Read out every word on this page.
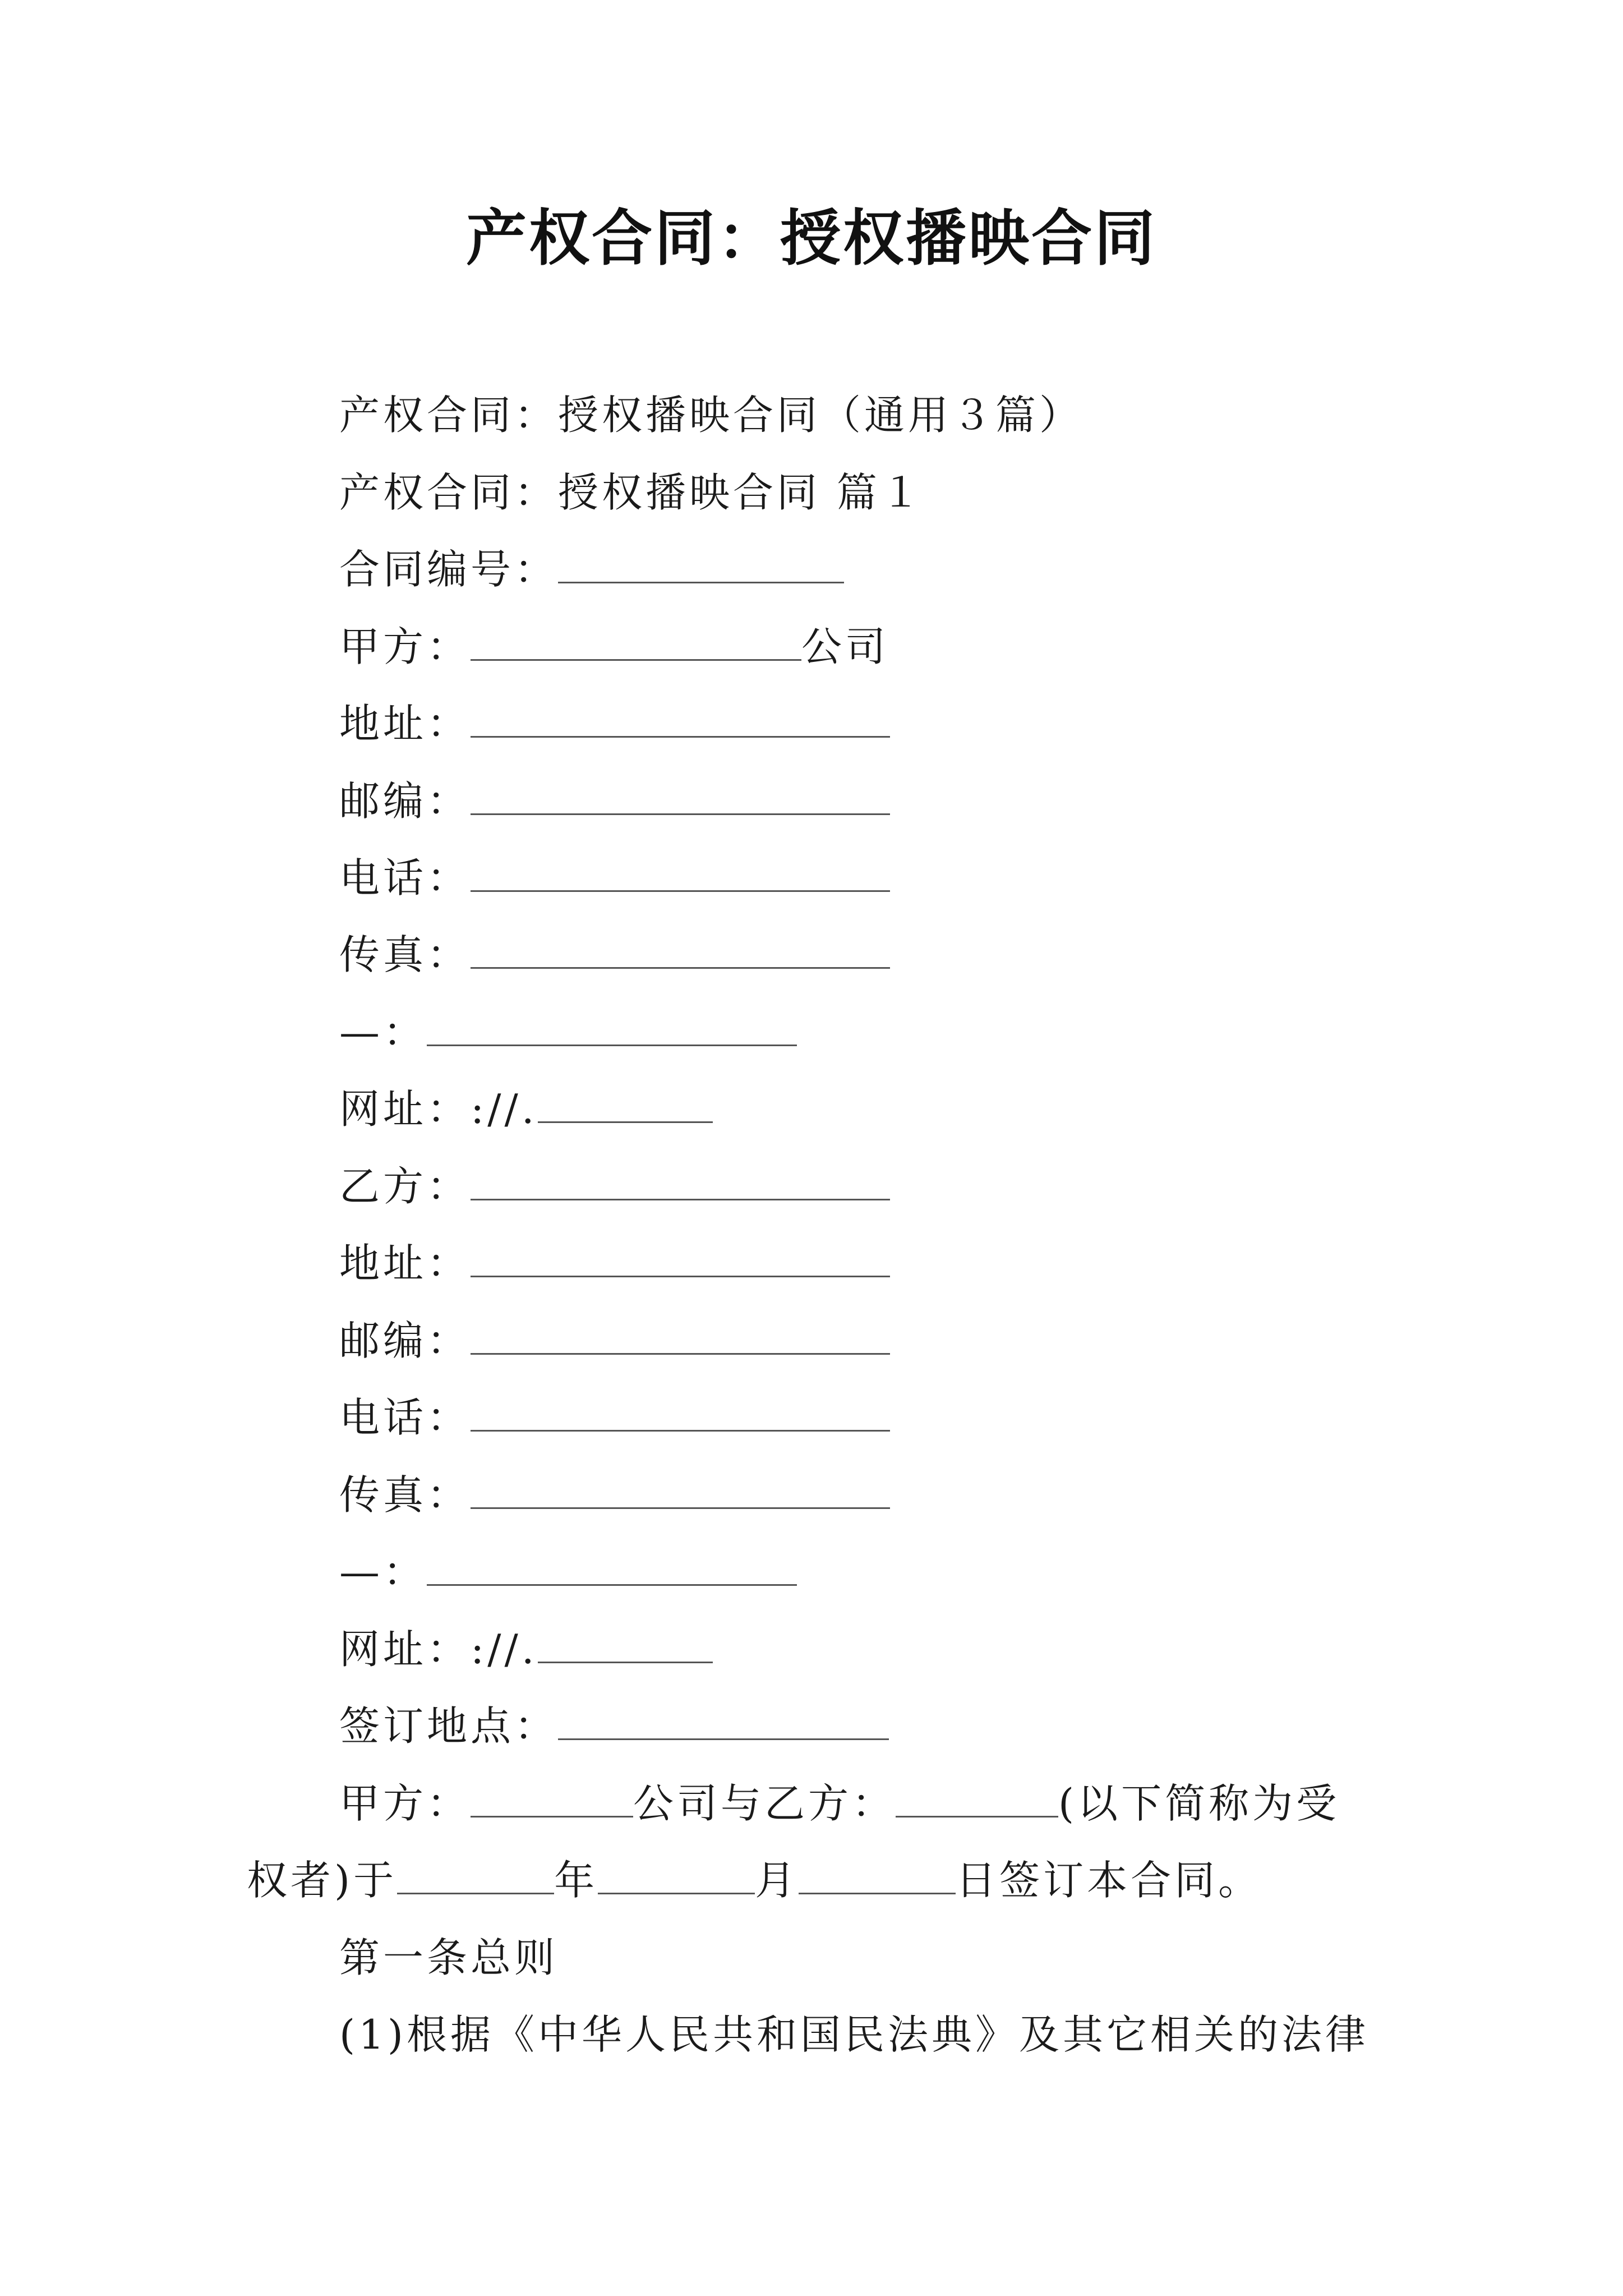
产权合同：授权播映合同
产权合同：授权播映合同（通用３篇）
产权合同：授权播映合同 篇１
合同编号：
甲方：	公司
地址：
邮编：
电话：
传真：
—：
网址：://.
乙方：
地址：
邮编：
电话：
传真：
—：
网址：://.
签订地点：
甲方：	公司与乙方：	(以下简称为受
权者)于	年	月	日签订本合同。
第一条总则
(1)根据《中华人民共和国民法典》及其它相关的法律
